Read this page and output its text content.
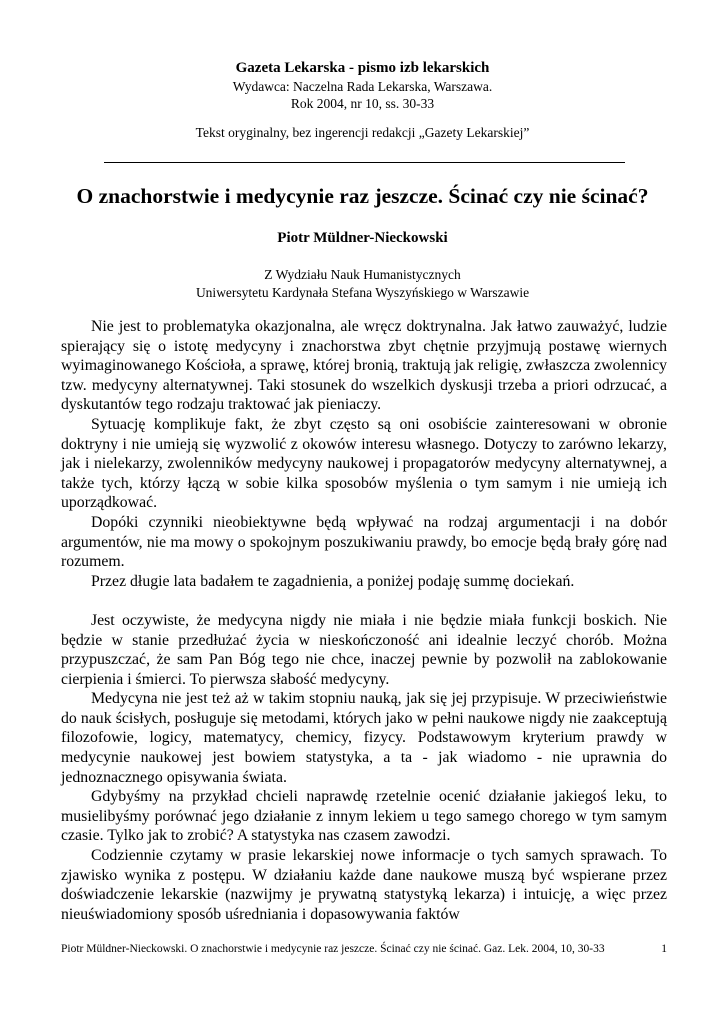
Gazeta Lekarska - pismo izb lekarskich
Wydawca: Naczelna Rada Lekarska, Warszawa.
Rok 2004, nr 10, ss. 30-33
Tekst oryginalny, bez ingerencji redakcji „Gazety Lekarskiej”
O znachorstwie i medycynie raz jeszcze. Ścinać czy nie ścinać?
Piotr Müldner-Nieckowski
Z Wydziału Nauk Humanistycznych
Uniwersytetu Kardynała Stefana Wyszyńskiego w Warszawie

Nie jest to problematyka okazjonalna, ale wręcz doktrynalna. Jak łatwo zauważyć, ludzie spierający się o istotę medycyny i znachorstwa zbyt chętnie przyjmują postawę wiernych wyimaginowanego Kościoła, a sprawę, której bronią, traktują jak religię, zwłaszcza zwolennicy tzw. medycyny alternatywnej. Taki stosunek do wszelkich dyskusji trzeba a priori odrzucać, a dyskutantów tego rodzaju traktować jak pieniaczy.

Sytuację komplikuje fakt, że zbyt często są oni osobiście zainteresowani w obronie doktryny i nie umieją się wyzwolić z okowów interesu własnego. Dotyczy to zarówno lekarzy, jak i nielekarzy, zwolenników medycyny naukowej i propagatorów medycyny alternatywnej, a także tych, którzy łączą w sobie kilka sposobów myślenia o tym samym i nie umieją ich uporządkować.

Dopóki czynniki nieobiektywne będą wpływać na rodzaj argumentacji i na dobór argumentów, nie ma mowy o spokojnym poszukiwaniu prawdy, bo emocje będą brały górę nad rozumem.

Przez długie lata badałem te zagadnienia, a poniżej podaję summę dociekań.

Jest oczywiste, że medycyna nigdy nie miała i nie będzie miała funkcji boskich. Nie będzie w stanie przedłużać życia w nieskończoność ani idealnie leczyć chorób. Można przypuszczać, że sam Pan Bóg tego nie chce, inaczej pewnie by pozwolił na zablokowanie cierpienia i śmierci. To pierwsza słabość medycyny.

Medycyna nie jest też aż w takim stopniu nauką, jak się jej przypisuje. W przeciwieństwie do nauk ścisłych, posługuje się metodami, których jako w pełni naukowe nigdy nie zaakceptują filozofowie, logicy, matematycy, chemicy, fizycy. Podstawowym kryterium prawdy w medycynie naukowej jest bowiem statystyka, a ta - jak wiadomo - nie uprawnia do jednoznacznego opisywania świata.

Gdybyśmy na przykład chcieli naprawdę rzetelnie ocenić działanie jakiegoś leku, to musielibyśmy porównać jego działanie z innym lekiem u tego samego chorego w tym samym czasie. Tylko jak to zrobić? A statystyka nas czasem zawodzi.

Codziennie czytamy w prasie lekarskiej nowe informacje o tych samych sprawach. To zjawisko wynika z postępu. W działaniu każde dane naukowe muszą być wspierane przez doświadczenie lekarskie (nazwijmy je prywatną statystyką lekarza) i intuicję, a więc przez nieuświadomiony sposób uśredniania i dopasowywania faktów

Piotr Müldner-Nieckowski. O znachorstwie i medycynie raz jeszcze. Ścinać czy nie ścinać. Gaz. Lek. 2004, 10, 30-33	1
